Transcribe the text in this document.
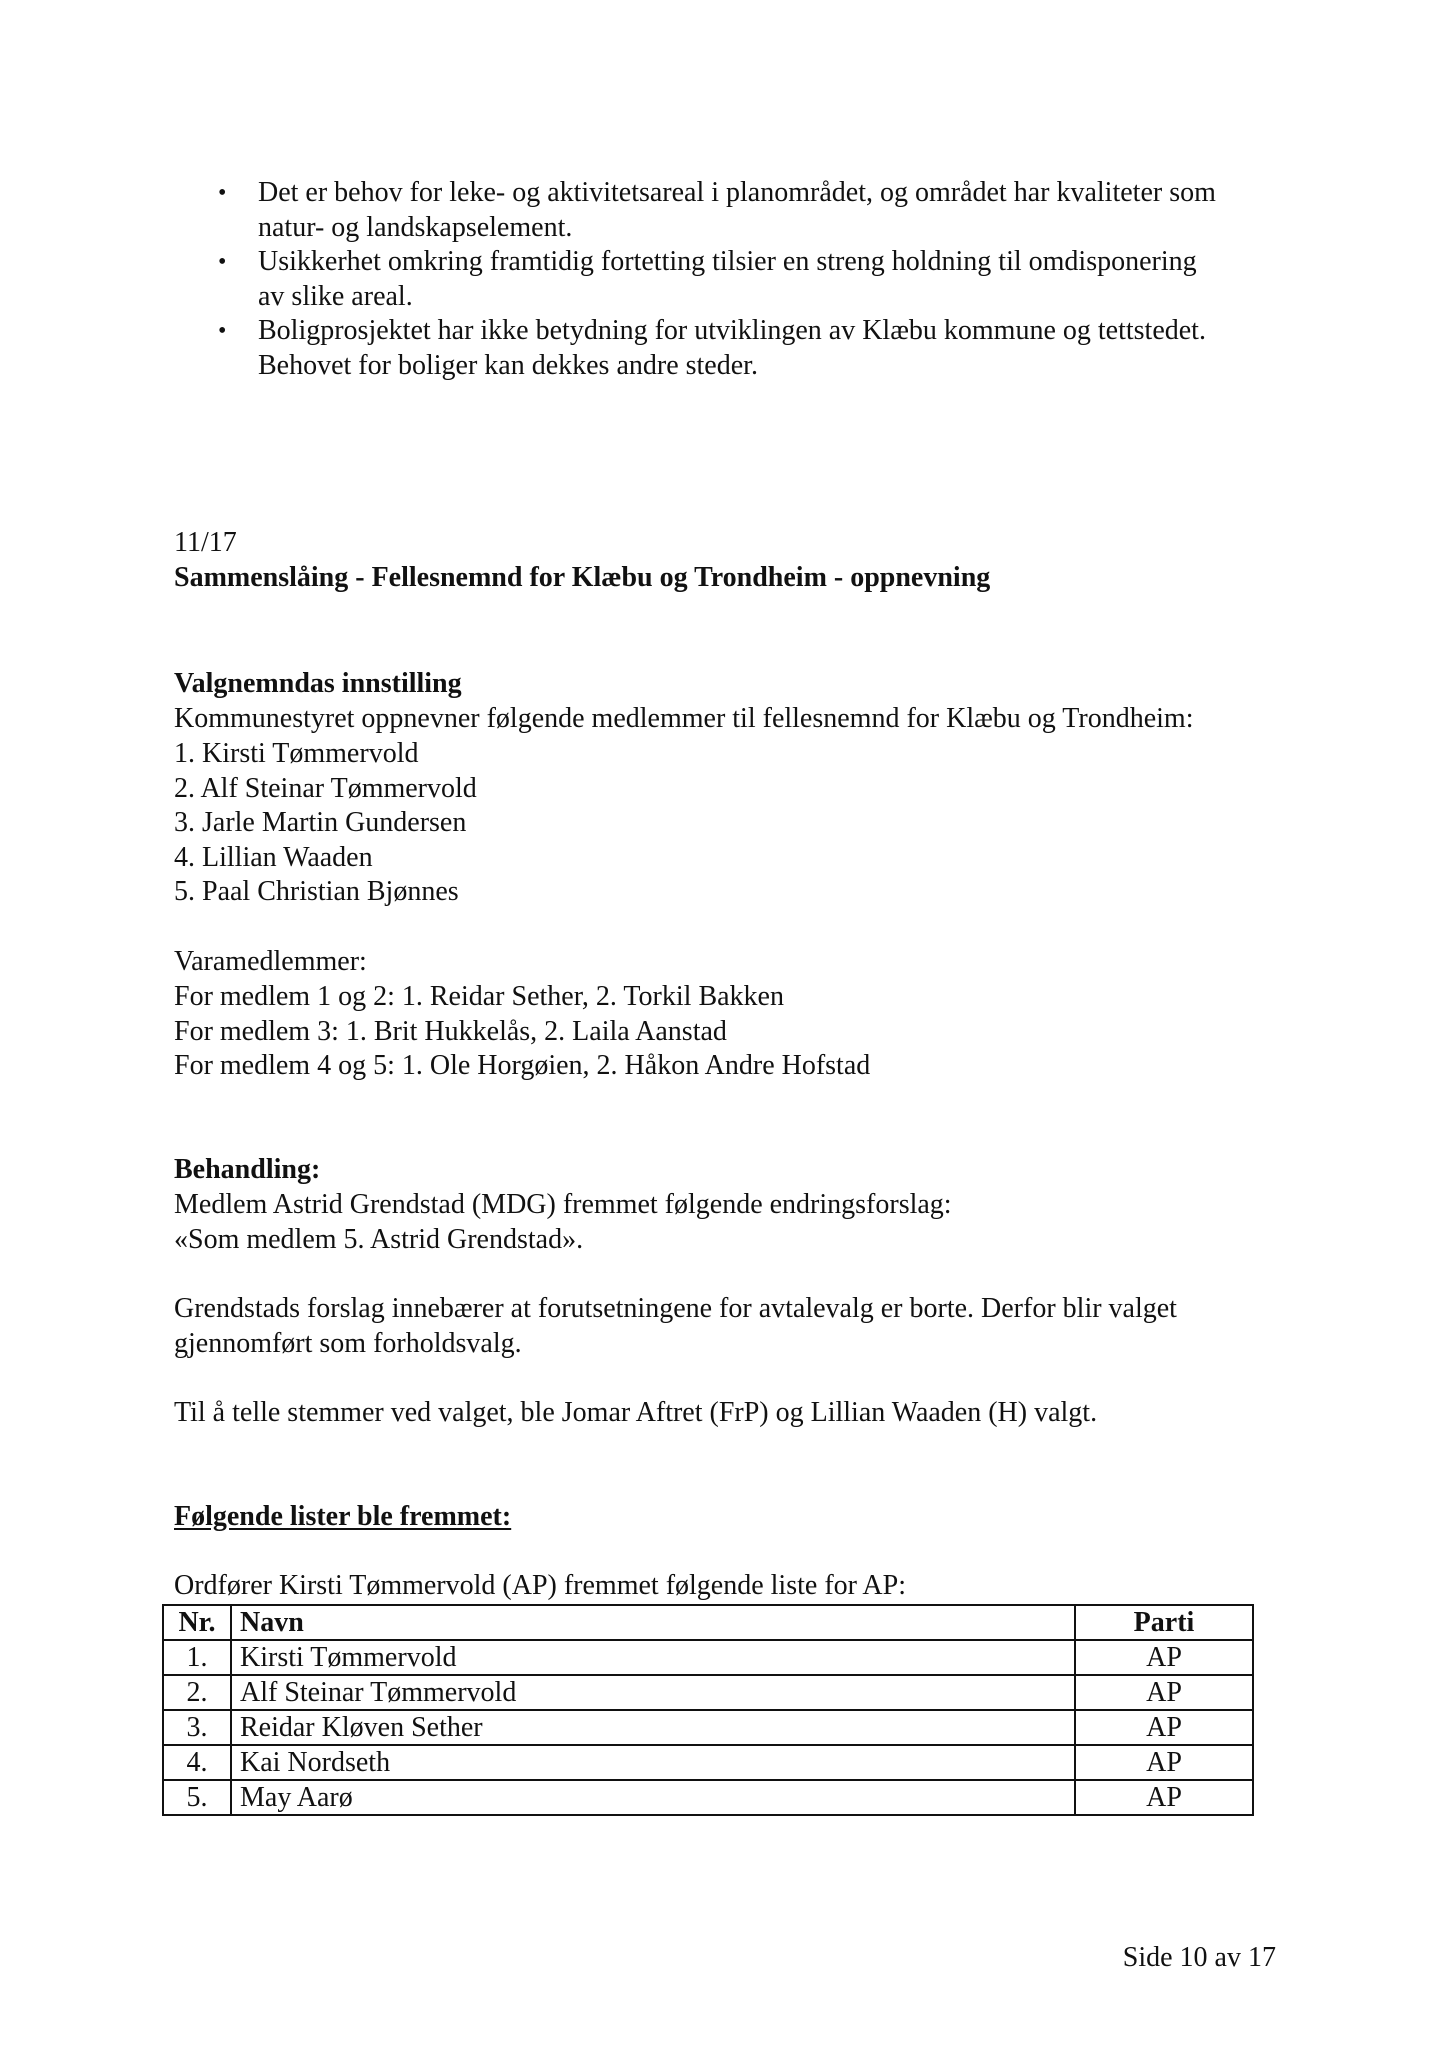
• Det er behov for leke- og aktivitetsareal i planområdet, og området har kvaliteter som
natur- og landskapselement.
• Usikkerhet omkring framtidig fortetting tilsier en streng holdning til omdisponering
av slike areal.
• Boligprosjektet har ikke betydning for utviklingen av Klæbu kommune og tettstedet.
Behovet for boliger kan dekkes andre steder.
11/17
Sammenslåing - Fellesnemnd for Klæbu og Trondheim - oppnevning
Valgnemndas innstilling
Kommunestyret oppnevner følgende medlemmer til fellesnemnd for Klæbu og Trondheim:
1. Kirsti Tømmervold
2. Alf Steinar Tømmervold
3. Jarle Martin Gundersen
4. Lillian Waaden
5. Paal Christian Bjønnes
Varamedlemmer:
For medlem 1 og 2: 1. Reidar Sether, 2. Torkil Bakken
For medlem 3: 1. Brit Hukkelås, 2. Laila Aanstad
For medlem 4 og 5: 1. Ole Horgøien, 2. Håkon Andre Hofstad
Behandling:
Medlem Astrid Grendstad (MDG) fremmet følgende endringsforslag:
«Som medlem 5. Astrid Grendstad».
Grendstads forslag innebærer at forutsetningene for avtalevalg er borte. Derfor blir valget
gjennomført som forholdsvalg.
Til å telle stemmer ved valget, ble Jomar Aftret (FrP) og Lillian Waaden (H) valgt.
Følgende lister ble fremmet:
Ordfører Kirsti Tømmervold (AP) fremmet følgende liste for AP:
Nr.	Navn	Parti
1.	Kirsti Tømmervold	AP
2.	Alf Steinar Tømmervold	AP
3.	Reidar Kløven Sether	AP
4.	Kai Nordseth	AP
5.	May Aarø	AP
Side 10 av 17
